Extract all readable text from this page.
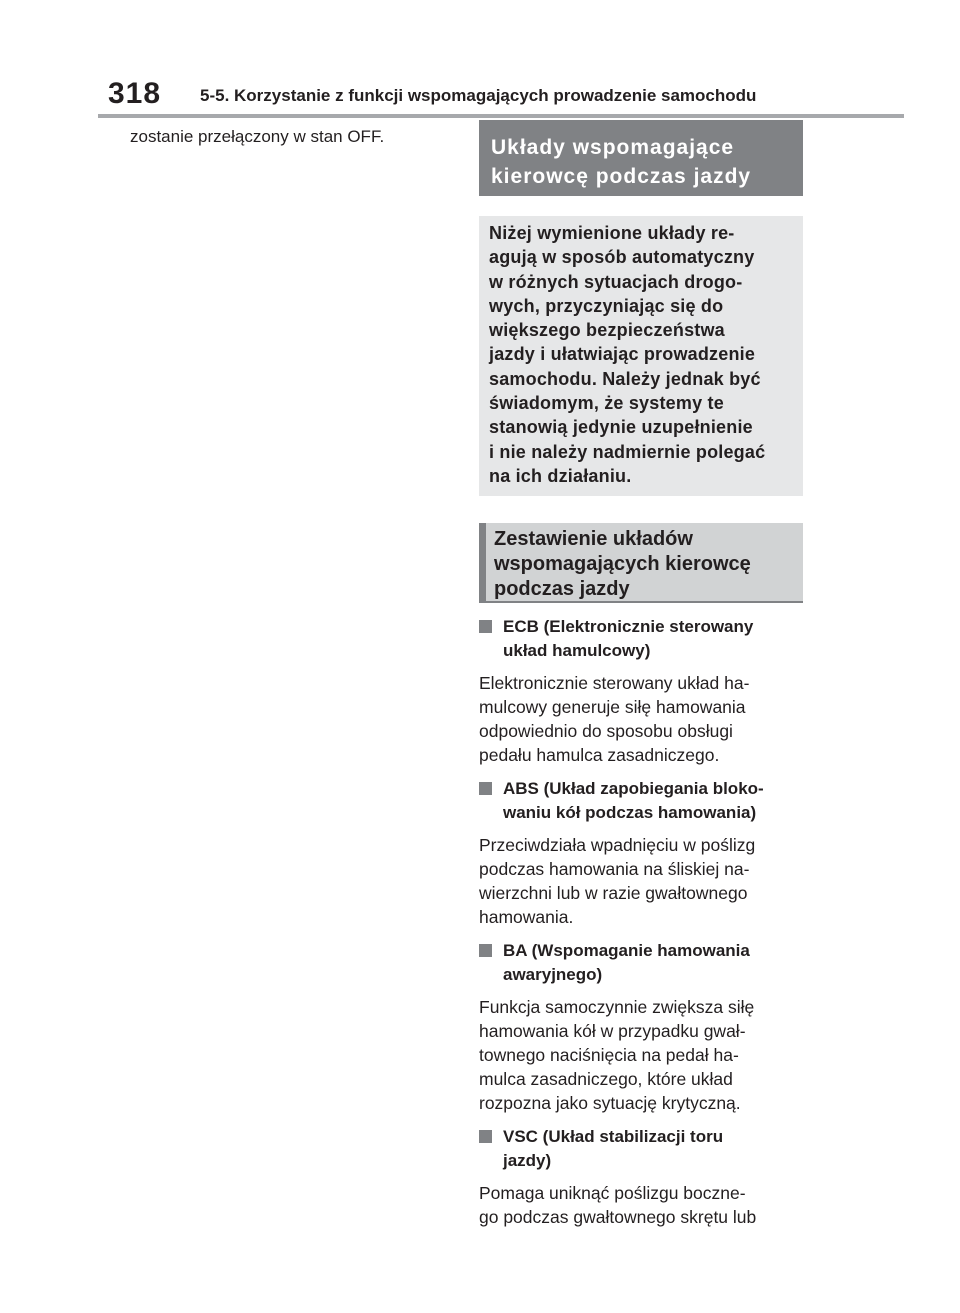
318 5-5. Korzystanie z funkcji wspomagających prowadzenie samochodu

zostanie przełączony w stan OFF.	Układy wspomagające
kierowcę podczas jazdy

Niżej wymienione układy re-

agują w sposób automatyczny

w różnych sytuacjach drogo-

wych, przyczyniając się do

większego bezpieczeństwa

jazdy i ułatwiając prowadzenie

samochodu. Należy jednak być

świadomym, że systemy te

stanowią jedynie uzupełnienie

i nie należy nadmiernie polegać

na ich działaniu.

Zestawienie układów
wspomagających kierowcę
podczas jazdy
ECB (Elektronicznie sterowany
układ hamulcowy)
Elektronicznie sterowany układ ha-
mulcowy generuje siłę hamowania
odpowiednio do sposobu obsługi
pedału hamulca zasadniczego.
ABS (Układ zapobiegania bloko-
waniu kół podczas hamowania)
Przeciwdziała wpadnięciu w poślizg
podczas hamowania na śliskiej na-
wierzchni lub w razie gwałtownego
hamowania.
BA (Wspomaganie hamowania
awaryjnego)
Funkcja samoczynnie zwiększa siłę
hamowania kół w przypadku gwał-
townego naciśnięcia na pedał ha-
mulca zasadniczego, które układ
rozpozna jako sytuację krytyczną.
VSC (Układ stabilizacji toru
jazdy)
Pomaga uniknąć poślizgu boczne-
go podczas gwałtownego skrętu lub
